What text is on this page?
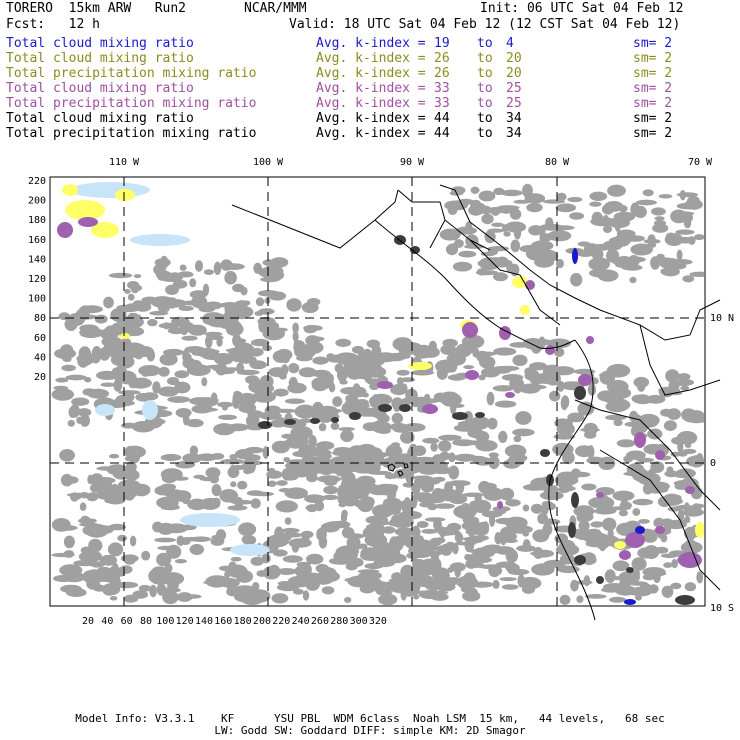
TORERO  15km ARW   Run2	NCAR/MMM	Init: 06 UTC Sat 04 Feb 12
Fcst:   12 h	Valid: 18 UTC Sat 04 Feb 12 (12 CST Sat 04 Feb 12)
Total cloud mixing ratio	Avg. k-index = 19 to 4	sm= 2
Total cloud mixing ratio	Avg. k-index = 26 to 20	sm= 2
Total precipitation mixing ratio	Avg. k-index = 26 to 20	sm= 2
Total cloud mixing ratio	Avg. k-index = 33 to 25	sm= 2
Total precipitation mixing ratio	Avg. k-index = 33 to 25	sm= 2
Total cloud mixing ratio	Avg. k-index = 44 to 34	sm= 2
Total precipitation mixing ratio	Avg. k-index = 44 to 34	sm= 2
110 W	100 W	90 W	80 W	70 W
10 N
0
10 S
220
200
180
160
140
120
100
80
60
40
20
20 40 60 80 100 120 140 160 180 200 220 240 260 280 300 320
Model Info: V3.3.1    KF      YSU PBL  WDM 6class  Noah LSM  15 km,   44 levels,   68 sec
LW: Godd SW: Goddard DIFF: simple KM: 2D Smagor
